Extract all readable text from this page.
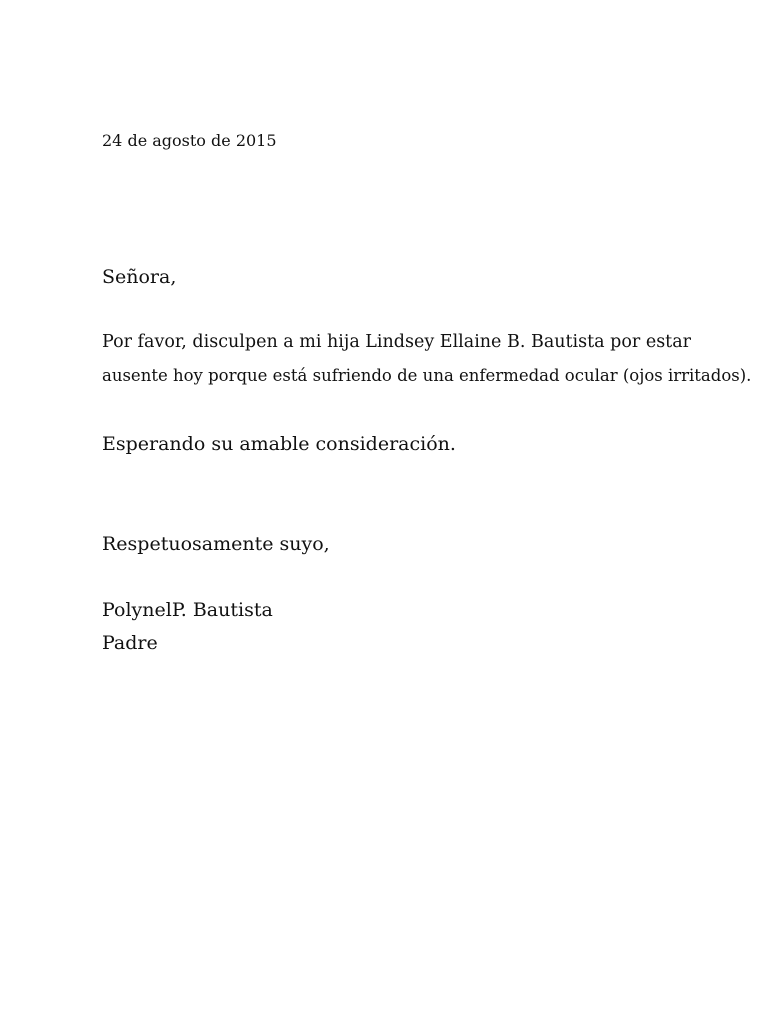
24 de agosto de 2015
Señora,
Por favor, disculpen a mi hija Lindsey Ellaine B. Bautista por estar
ausente hoy porque está sufriendo de una enfermedad ocular (ojos irritados).
Esperando su amable consideración.
Respetuosamente suyo,
PolynelP. Bautista
Padre
